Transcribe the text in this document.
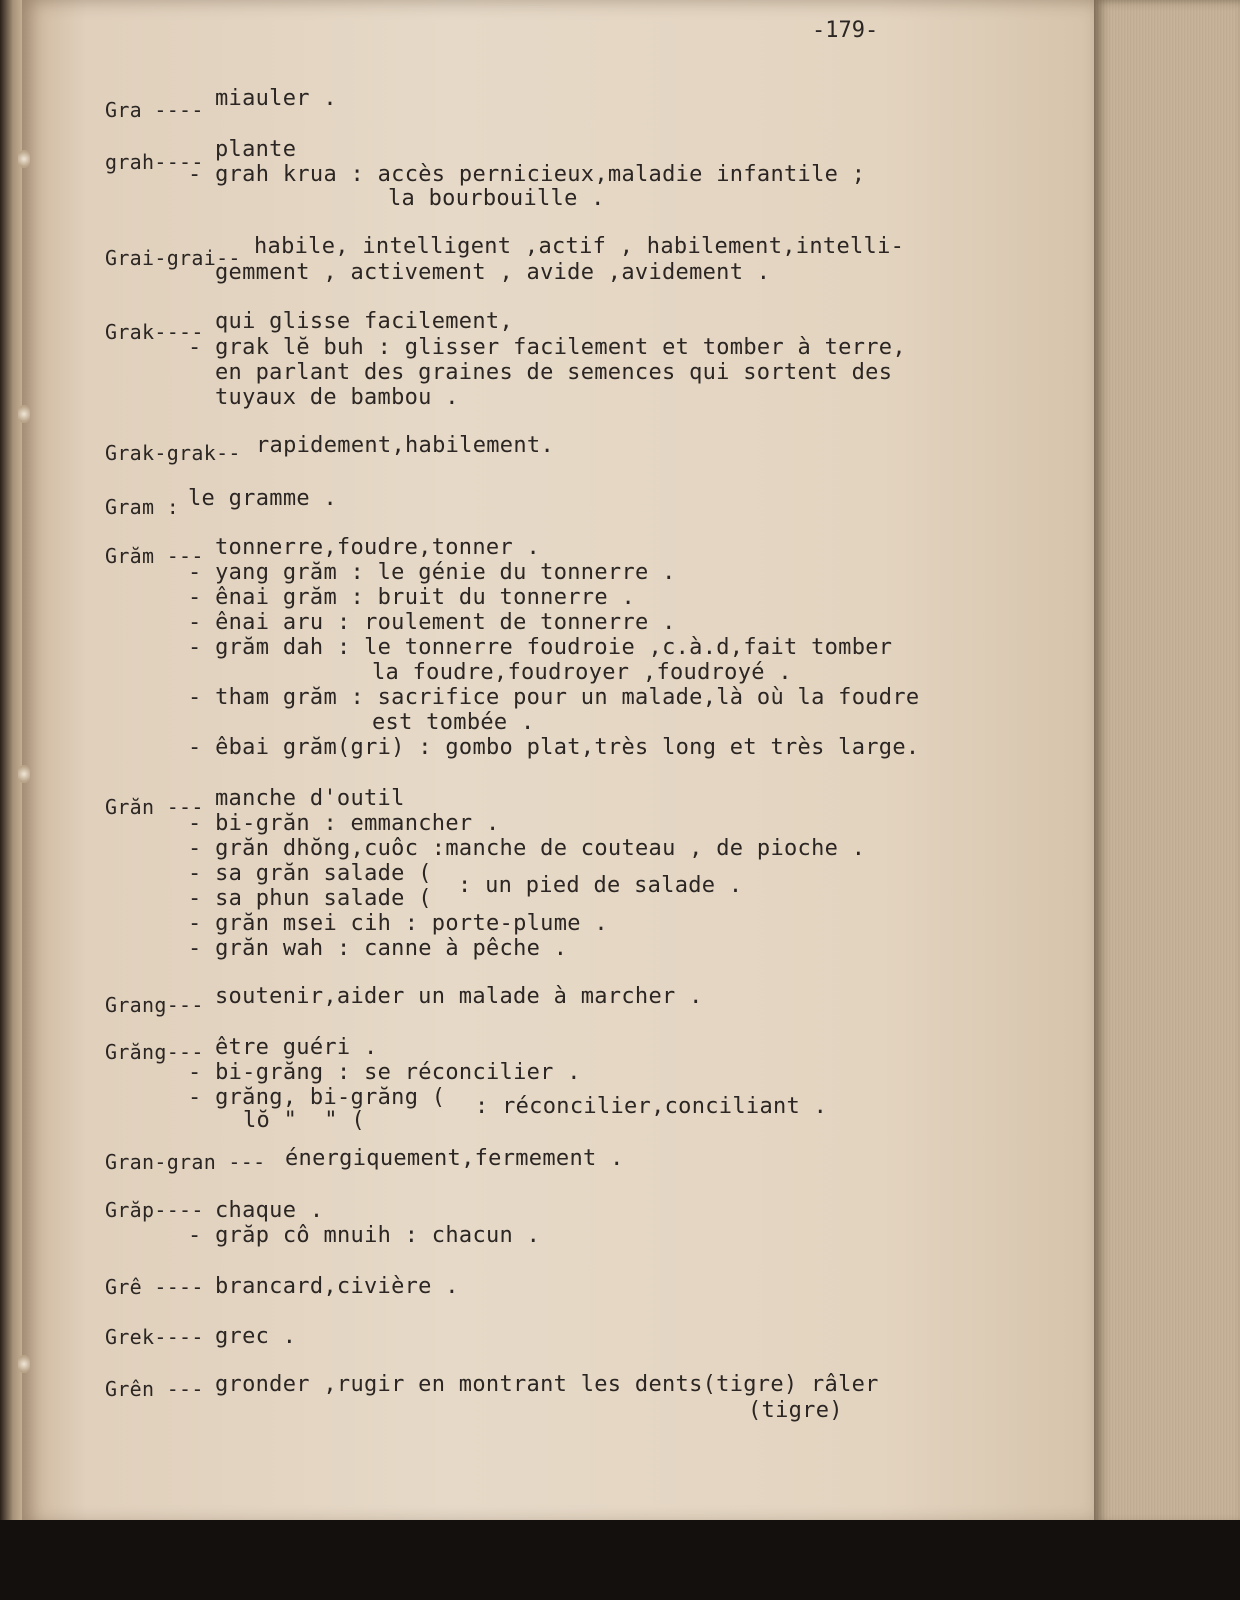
-179-
Gra ---- miauler .
grah---- plante
- grah krua : accès pernicieux,maladie infantile ;
la bourbouille .
Grai-grai-- habile, intelligent ,actif , habilement,intelli-
gemment , activement , avide ,avidement .
Grak---- qui glisse facilement,
- grak lĕ buh : glisser facilement et tomber à terre,
en parlant des graines de semences qui sortent des
tuyaux de bambou .
Grak-grak-- rapidement,habilement.
Gram : le gramme .
Grăm --- tonnerre,foudre,tonner .
- yang grăm : le génie du tonnerre .
- ênai grăm : bruit du tonnerre .
- ênai aru : roulement de tonnerre .
- grăm dah : le tonnerre foudroie ,c.à.d,fait tomber
la foudre,foudroyer ,foudroyé .
- tham grăm : sacrifice pour un malade,là où la foudre
est tombée .
- êbai grăm(gri) : gombo plat,très long et très large.
Grăn --- manche d'outil
- bi-grăn : emmancher .
- grăn dhŏng,cuôc :manche de couteau , de pioche .
- sa grăn salade (
- sa phun salade (
: un pied de salade .
- grăn msei cih : porte-plume .
- grăn wah : canne à pêche .
Grang--- soutenir,aider un malade à marcher .
Grăng--- être guéri .
- bi-grăng : se réconcilier .
- grăng, bi-grăng (
lŏ "  " (
: réconcilier,conciliant .
Gran-gran --- énergiquement,fermement .
Grăp---- chaque .
- grăp cô mnuih : chacun .
Grê ---- brancard,civière .
Grek---- grec .
Grên --- gronder ,rugir en montrant les dents(tigre) râler
(tigre)
